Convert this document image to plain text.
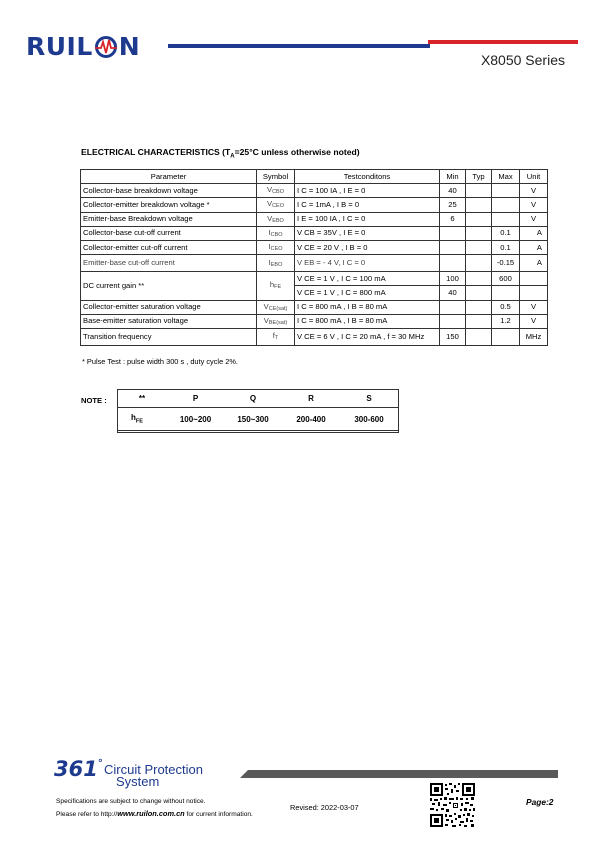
RUIL N	X8050 Series
ELECTRICAL CHARACTERISTICS ($T_A=25^\circ C$ unless otherwise noted)
Parameter	Symbol	Testconditons	Min	Typ	Max	Unit
Collector-base breakdown voltage	$V_{CBO}$	I C = 100 IA , I E = 0	40			V
Collector-emitter breakdown voltage *	$V_{CEO}$	I C = 1mA , I B = 0	25			V
Emitter-base Breakdown voltage	$V_{EBO}$	I E = 100 IA , I C = 0	6			V
Collector-base cut-off current	$I_{CBO}$	V CB = 35V , I E = 0			0.1	A
Collector-emitter cut-off current	$I_{CEO}$	V CE = 20 V , I B = 0			0.1	A
Emitter-base cut-off current	$I_{EBO}$	V EB = - 4 V, I C = 0			-0.15	A
DC current gain **	$h_{FE}$	V CE = 1 V , I C = 100 mA	100		600	
		V CE = 1 V , I C = 800 mA	40			
Collector-emitter saturation voltage	$V_{CE(sat)}$	I C = 800 mA , I B = 80 mA			0.5	V
Base-emitter saturation voltage	$V_{BE(sat)}$	I C = 800 mA , I B = 80 mA			1.2	V
Transition frequency	$f_T$	V CE = 6 V , I C = 20 mA , f = 30 MHz	150			MHz
* Pulse Test : pulse width 300 s , duty cycle 2%.
NOTE :	**	P	Q	R	S
$h_{FE}$	100~200	150~300	200-400	300-600
361° Circuit Protection
System
Specifications are subject to change without notice.
Please refer to http://www.ruilon.com.cn for current information.
Revised: 2022-03-07
Page:2
